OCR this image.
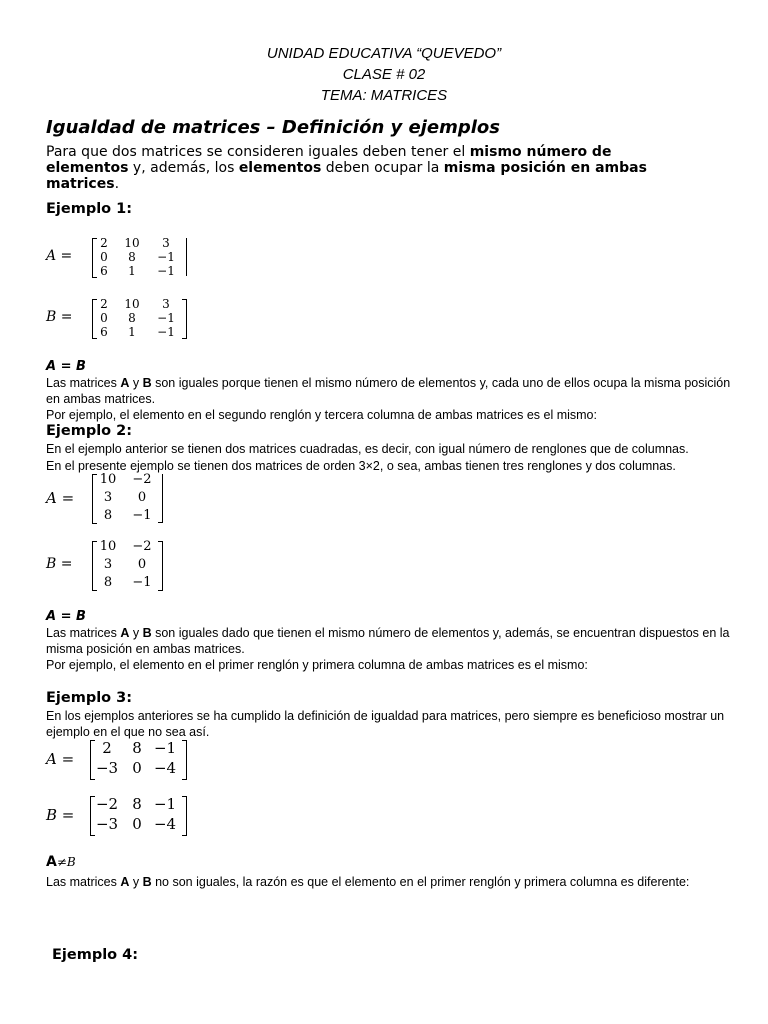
UNIDAD EDUCATIVA “QUEVEDO”
CLASE # 02
TEMA: MATRICES
Igualdad de matrices – Definición y ejemplos
Para que dos matrices se consideren iguales deben tener el mismo número de elementos y, además, los elementos deben ocupar la misma posición en ambas matrices.
Ejemplo 1:
A =
2	10	3
0	8	−1
6	1	−1
B =
2	10	3
0	8	−1
6	1	−1
A = B
Las matrices A y B son iguales porque tienen el mismo número de elementos y, cada uno de ellos ocupa la misma posición en ambas matrices.
Por ejemplo, el elemento en el segundo renglón y tercera columna de ambas matrices es el mismo:
Ejemplo 2:
En el ejemplo anterior se tienen dos matrices cuadradas, es decir, con igual número de renglones que de columnas.
En el presente ejemplo se tienen dos matrices de orden 3×2, o sea, ambas tienen tres renglones y dos columnas.
A =
10	−2
3	0
8	−1
B =
10	−2
3	0
8	−1
A = B
Las matrices A y B son iguales dado que tienen el mismo número de elementos y, además, se encuentran dispuestos en la misma posición en ambas matrices.
Por ejemplo, el elemento en el primer renglón y primera columna de ambas matrices es el mismo:
Ejemplo 3:
En los ejemplos anteriores se ha cumplido la definición de igualdad para matrices, pero siempre es beneficioso mostrar un ejemplo en el que no sea así.
A =
2	8 −1
−3 0 −4
B =
−2 8 −1
−3 0 −4
A≠B
Las matrices A y B no son iguales, la razón es que el elemento en el primer renglón y primera columna es diferente:
Ejemplo 4:
